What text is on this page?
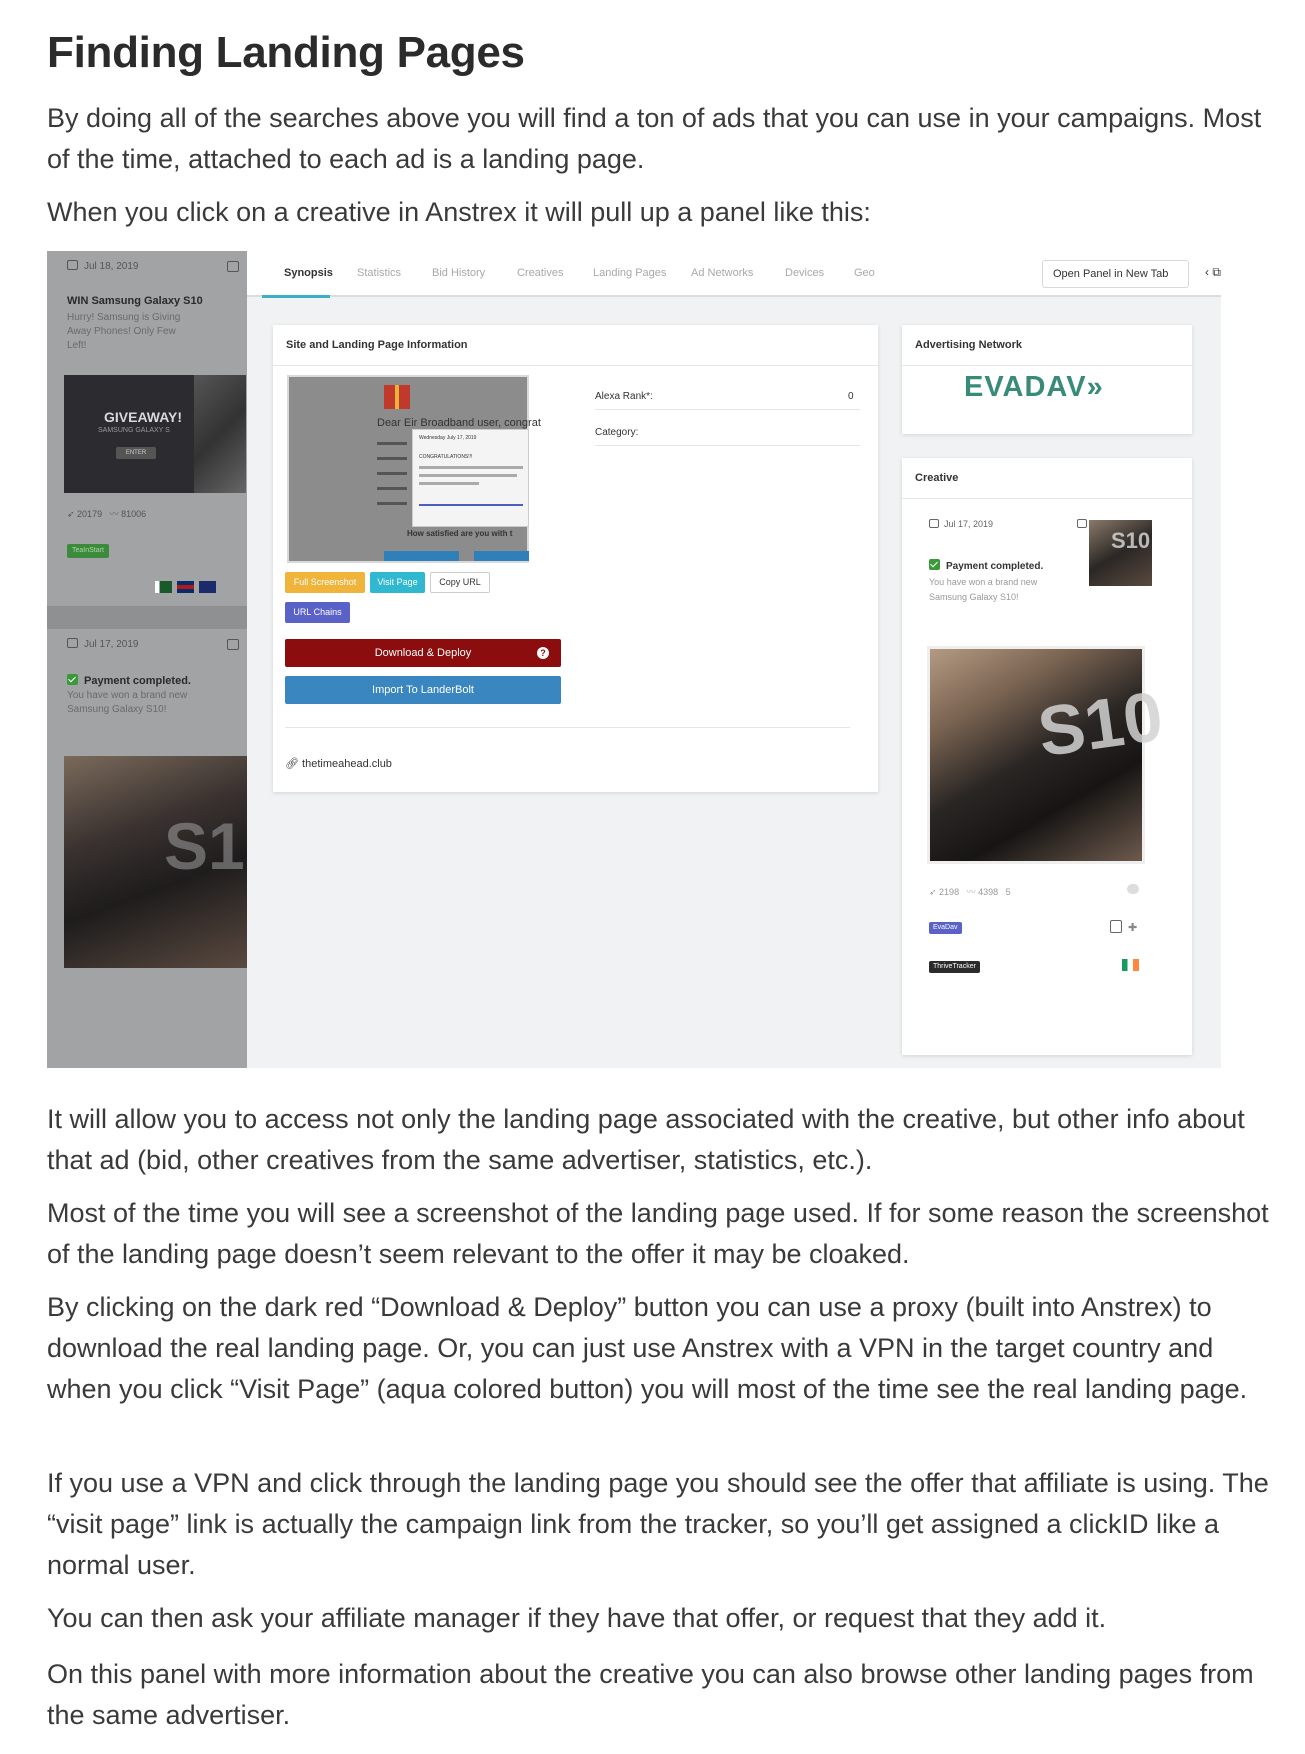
Finding Landing Pages

By doing all of the searches above you will find a ton of ads that you can use in your campaigns. Most of the time, attached to each ad is a landing page.

When you click on a creative in Anstrex it will pull up a panel like this:

Jul 18, 2019
WIN Samsung Galaxy S10
Hurry! Samsung is Giving Away Phones! Only Few Left!
GIVEAWAY!
SAMSUNG GALAXY S
ENTER
➶ 20179   〰 81006
TeaInStart
Jul 17, 2019
Payment completed.
You have won a brand new Samsung Galaxy S10!
S1
Synopsis Statistics	Bid History	Creatives	Landing Pages Ad Networks	Devices	Geo	Open Panel in New Tab	‹ ⧉
Site and Landing Page Information
Dear Eir Broadband user, congrat
Wednesday July 17, 2019
CONGRATULATIONS!!!
How satisfied are you with t
Full Screenshot	Visit Page	Copy URL
URL Chains
Download & Deploy	?
Import To LanderBolt
🔗︎ thetimeahead.club
Alexa Rank*:	0
Category:
Advertising Network
EVADAV»
Creative
Jul 17, 2019
Payment completed.
You have won a brand new Samsung Galaxy S10!
S10
➶ 2198   〰 4398 5
EvaDav	✚
ThriveTracker
S10

It will allow you to access not only the landing page associated with the creative, but other info about that ad (bid, other creatives from the same advertiser, statistics, etc.).

Most of the time you will see a screenshot of the landing page used. If for some reason the screenshot of the landing page doesn’t seem relevant to the offer it may be cloaked.

By clicking on the dark red “Download & Deploy” button you can use a proxy (built into Anstrex) to download the real landing page. Or, you can just use Anstrex with a VPN in the target country and when you click “Visit Page” (aqua colored button) you will most of the time see the real landing page.

If you use a VPN and click through the landing page you should see the offer that affiliate is using. The “visit page” link is actually the campaign link from the tracker, so you’ll get assigned a clickID like a normal user.

You can then ask your affiliate manager if they have that offer, or request that they add it.

On this panel with more information about the creative you can also browse other landing pages from the same advertiser.
